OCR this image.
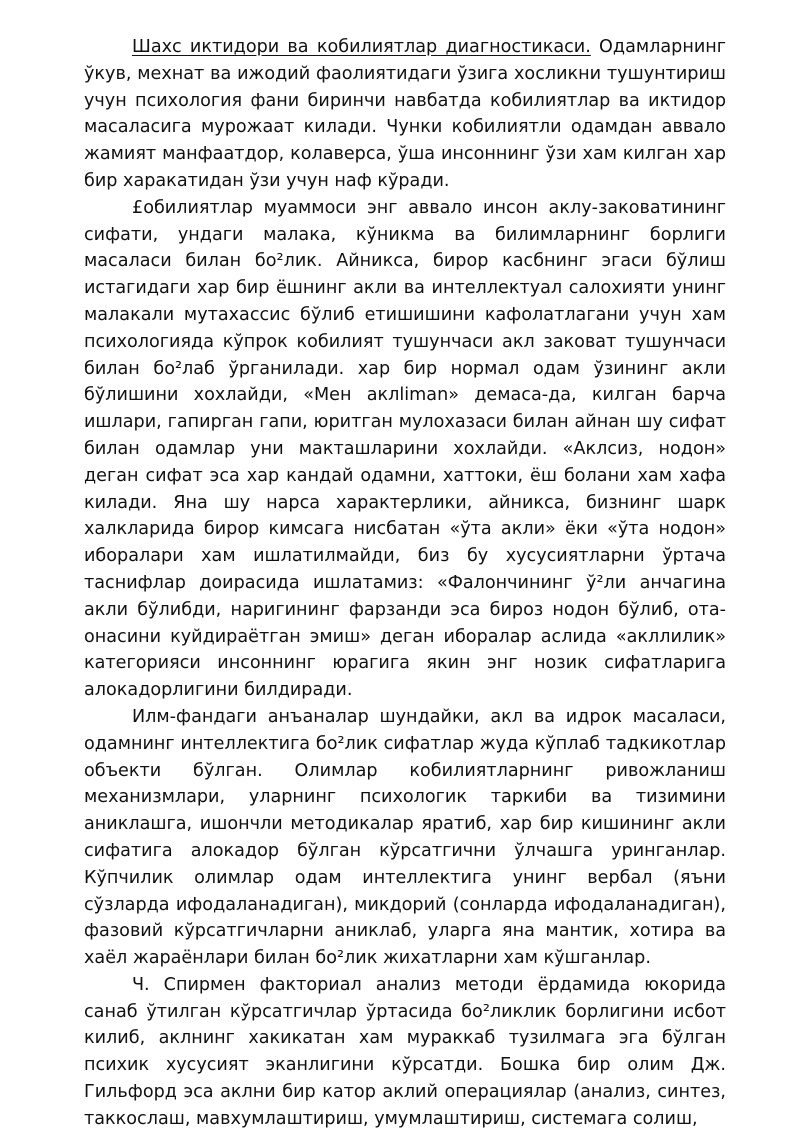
Шахс иктидори ва кобилиятлар диагностикаси. Одамларнинг ўкув, мехнат ва ижодий фаолиятидаги ўзига хосликни тушунтириш учун психология фани биринчи навбатда кобилиятлар ва иктидор масаласига мурожаат килади. Чунки кобилиятли одамдан аввало жамият манфаатдор, колаверса, ўша инсоннинг ўзи хам килган хар бир харакатидан ўзи учун наф кўради.

£обилиятлар муаммоси энг аввало инсон аклу-заковатининг сифати, ундаги малака, кўникма ва билимларнинг борлиги масаласи билан бо²лик. Айникса, бирор касбнинг эгаси бўлиш истагидаги хар бир ёшнинг акли ва интеллектуал салохияти унинг малакали мутахассис бўлиб етишишини кафолатлагани учун хам психологияда кўпрок кобилият тушунчаси акл заковат тушунчаси билан бо²лаб ўрганилади. хар бир нормал одам ўзининг акли бўлишини хохлайди, «Мен аклliman» демаса-да, килган барча ишлари, гапирган гапи, юритган мулохазаси билан айнан шу сифат билан одамлар уни макташларини хохлайди. «Аклсиз, нодон» деган сифат эса хар кандай одамни, хаттоки, ёш болани хам хафа килади. Яна шу нарса характерлики, айникса, бизнинг шарк халкларида бирор кимсага нисбатан «ўта акли» ёки «ўта нодон» иборалари хам ишлатилмайди, биз бу хусусиятларни ўртача таснифлар доирасида ишлатамиз: «Фалончининг ў²ли анчагина акли бўлибди, наригининг фарзанди эса бироз нодон бўлиб, ота-онасини куйдираётган эмиш» деган иборалар аслида «акллилик» категорияси инсоннинг юрагига якин энг нозик сифатларига алокадорлигини билдиради.

Илм-фандаги анъаналар шундайки, акл ва идрок масаласи, одамнинг интеллектига бо²лик сифатлар жуда кўплаб тадкикотлар объекти бўлган. Олимлар кобилиятларнинг ривожланиш механизмлари, уларнинг психологик таркиби ва тизимини аниклашга, ишончли методикалар яратиб, хар бир кишининг акли сифатига алокадор бўлган кўрсатгични ўлчашга уринганлар. Кўпчилик олимлар одам интеллектига унинг вербал (яъни сўзларда ифодаланадиган), микдорий (сонларда ифодаланадиган), фазовий кўрсатгичларни аниклаб, уларга яна мантик, хотира ва хаёл жараёнлари билан бо²лик жихатларни хам кўшганлар.

Ч. Спирмен факториал анализ методи ёрдамида юкорида санаб ўтилган кўрсатгичлар ўртасида бо²ликлик борлигини исбот килиб, аклнинг хакикатан хам мураккаб тузилмага эга бўлган психик хусусият эканлигини кўрсатди. Бошка бир олим Дж. Гильфорд эса аклни бир катор аклий операциялар (анализ, синтез, таккослаш, мавхумлаштириш, умумлаштириш, системага солиш,
